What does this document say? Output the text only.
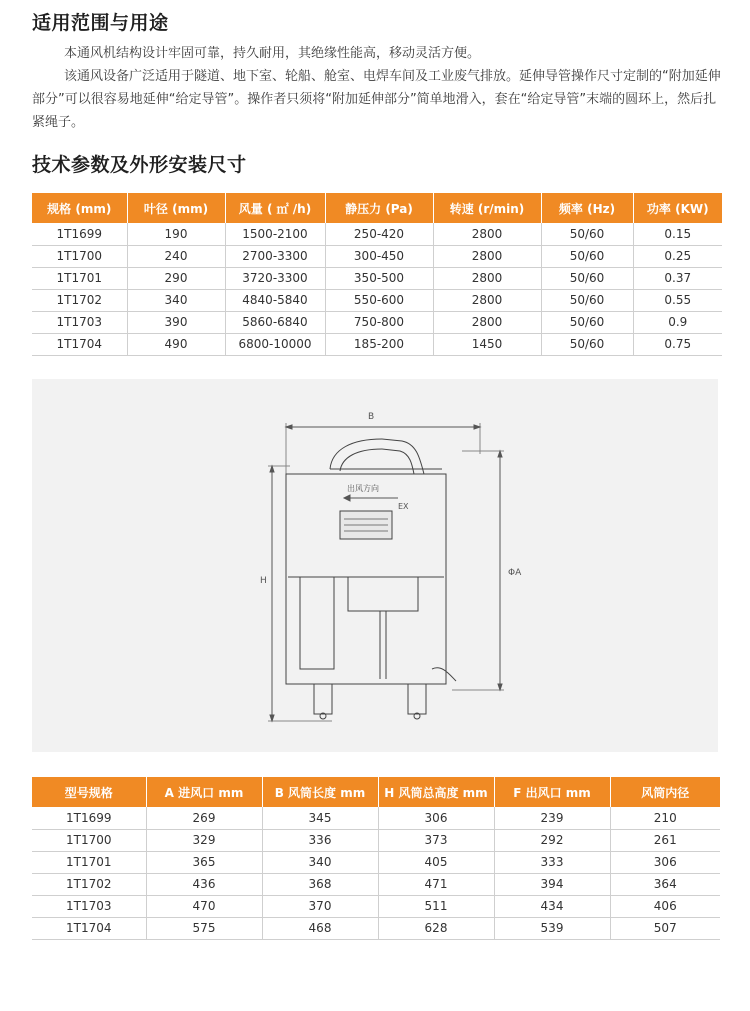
适用范围与用途

本通风机结构设计牢固可靠，持久耐用，其绝缘性能高，移动灵活方便。

该通风设备广泛适用于隧道、地下室、轮船、舱室、电焊车间及工业废气排放。延伸导管操作尺寸定制的“附加延伸部分”可以很容易地延伸“给定导管”。操作者只须将“附加延伸部分”简单地滑入，套在“给定导管”末端的圆环上，然后扎紧绳子。

技术参数及外形安装尺寸
规格 (mm)	叶径 (mm)	风量 ( ㎡ /h)	静压力 (Pa)	转速 (r/min)	频率 (Hz)	功率 (KW)
1T1699	190	1500-2100	250-420	2800	50/60	0.15
1T1700	240	2700-3300	300-450	2800	50/60	0.25
1T1701	290	3720-3300	350-500	2800	50/60	0.37
1T1702	340	4840-5840	550-600	2800	50/60	0.55
1T1703	390	5860-6840	750-800	2800	50/60	0.9
1T1704	490	6800-10000	185-200	1450	50/60	0.75
B
H
ΦA
出风方向
EX
型号规格	A 进风口 mm	B 风筒长度 mm	H 风筒总高度 mm	F 出风口 mm	风筒内径
1T1699	269	345	306	239	210
1T1700	329	336	373	292	261
1T1701	365	340	405	333	306
1T1702	436	368	471	394	364
1T1703	470	370	511	434	406
1T1704	575	468	628	539	507
